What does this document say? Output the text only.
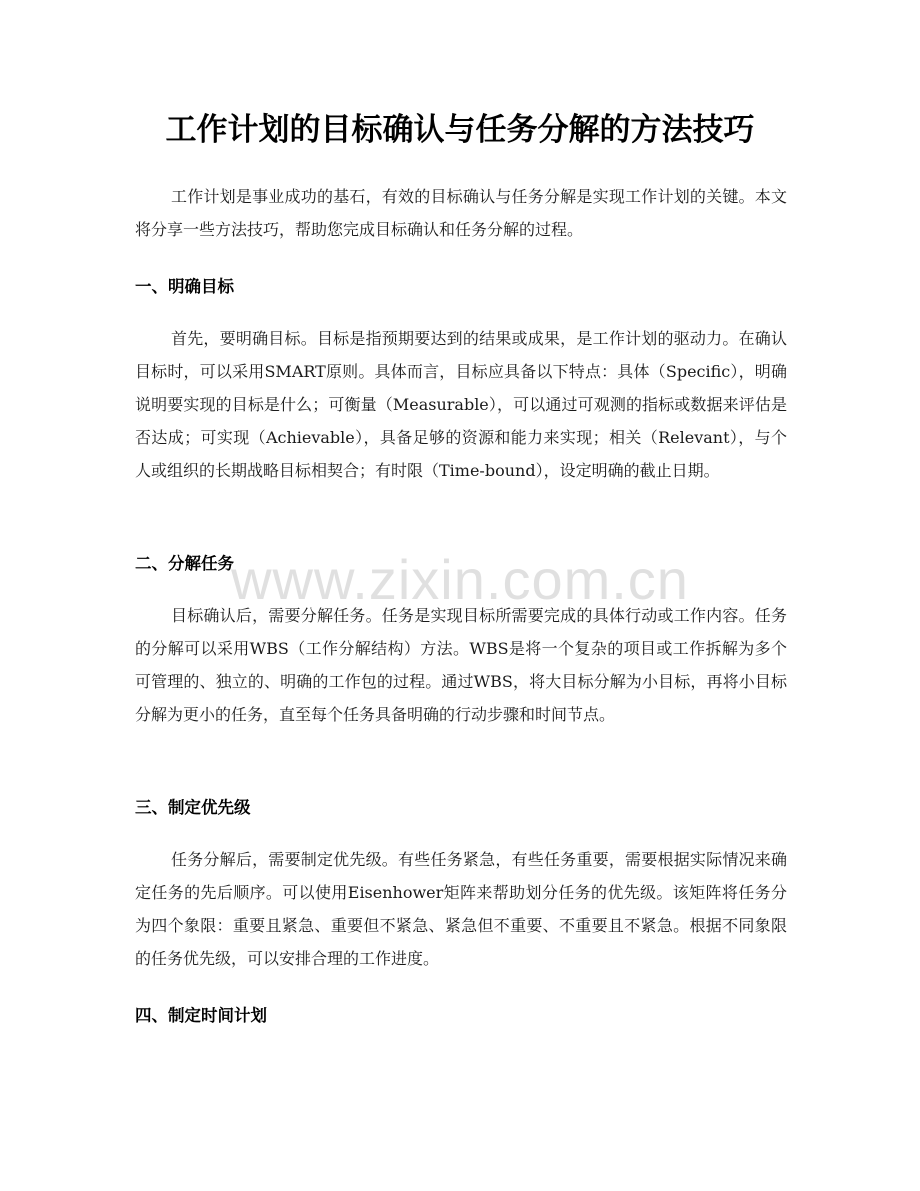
工作计划的目标确认与任务分解的方法技巧

工作计划是事业成功的基石，有效的目标确认与任务分解是实现工作计划的关键。本文将分享一些方法技巧，帮助您完成目标确认和任务分解的过程。

一、明确目标

首先，要明确目标。目标是指预期要达到的结果或成果，是工作计划的驱动力。在确认目标时，可以采用SMART原则。具体而言，目标应具备以下特点：具体（Specific），明确说明要实现的目标是什么；可衡量（Measurable），可以通过可观测的指标或数据来评估是否达成；可实现（Achievable），具备足够的资源和能力来实现；相关（Relevant），与个人或组织的长期战略目标相契合；有时限（Time-bound），设定明确的截止日期。

二、分解任务

目标确认后，需要分解任务。任务是实现目标所需要完成的具体行动或工作内容。任务的分解可以采用WBS（工作分解结构）方法。WBS是将一个复杂的项目或工作拆解为多个可管理的、独立的、明确的工作包的过程。通过WBS，将大目标分解为小目标，再将小目标分解为更小的任务，直至每个任务具备明确的行动步骤和时间节点。

三、制定优先级

任务分解后，需要制定优先级。有些任务紧急，有些任务重要，需要根据实际情况来确定任务的先后顺序。可以使用Eisenhower矩阵来帮助划分任务的优先级。该矩阵将任务分为四个象限：重要且紧急、重要但不紧急、紧急但不重要、不重要且不紧急。根据不同象限的任务优先级，可以安排合理的工作进度。

四、制定时间计划
www.zixin.com.cn
